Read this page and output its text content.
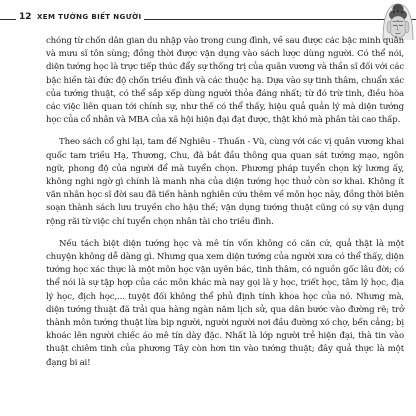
12 XEM TƯỚNG BIẾT NGƯỜI

chóng từ chốn dân gian du nhập vào trong cung đình, về sau được các bậc minh quân và mưu sĩ tôn sùng; đồng thời được vận dụng vào sách lược dùng người. Có thể nói, diện tướng học là trực tiếp thúc đẩy sự thống trị của quân vương và thần sĩ đối với các bậc hiền tài đức độ chốn triều đình và các thuộc hạ. Dựa vào sự tinh thâm, chuẩn xác của tướng thuật, có thể sắp xếp dùng người thỏa đáng nhất; từ đó trừ tinh, điều hòa các việc liên quan tới chính sự, như thế có thể thấy, hiệu quả quản lý mà diện tướng học của cổ nhân và MBA của xã hội hiện đại đạt được, thật khó mà phân tài cao thấp.

Theo sách cổ ghi lại, tam đế Nghiêu - Thuấn - Vũ, cùng với các vị quân vương khai quốc tam triều Hạ, Thương, Chu, đã bắt đầu thông qua quan sát tướng mạo, ngôn ngữ, phong độ của người để mà tuyển chọn. Phương pháp tuyển chọn kỳ lương ấy, không nghi ngờ gì chính là manh nha của diện tướng học thuở còn sơ khai. Không ít văn nhân học sĩ đời sau đã tiến hành nghiên cứu thêm về môn học này, đồng thời biên soạn thành sách lưu truyền cho hậu thế; vận dụng tướng thuật cũng có sự vận dụng rộng rãi từ việc chí tuyển chọn nhân tài cho triều đình.

Nếu tách biệt diện tướng học và mê tín vốn không có căn cứ, quả thật là một chuyện không dễ dàng gì. Nhưng qua xem diện tướng của người xưa có thể thấy, diện tướng học xác thực là một môn học vận uyên bác, tinh thâm, có nguồn gốc lâu đời; có thể nói là sự tập hợp của các môn khác mà nay gọi là y học, triết học, tâm lý học, địa lý học, địch học,... tuyệt đối không thể phủ định tính khoa học của nó. Nhưng mà, diện tướng thuật đã trải qua hàng ngàn năm lịch sử, qua dân bước vào đường rẽ; trở thành môn tướng thuật lừa bịp người, người người nơi đầu đường xó chợ, bến cảng; bị khoác lên người chiếc áo mê tín dày đặc. Nhất là lớp người trẻ hiện đại, thà tin vào thuật chiêm tinh của phương Tây còn hơn tin vào tướng thuật; đây quả thực là một đạng bi ai!
